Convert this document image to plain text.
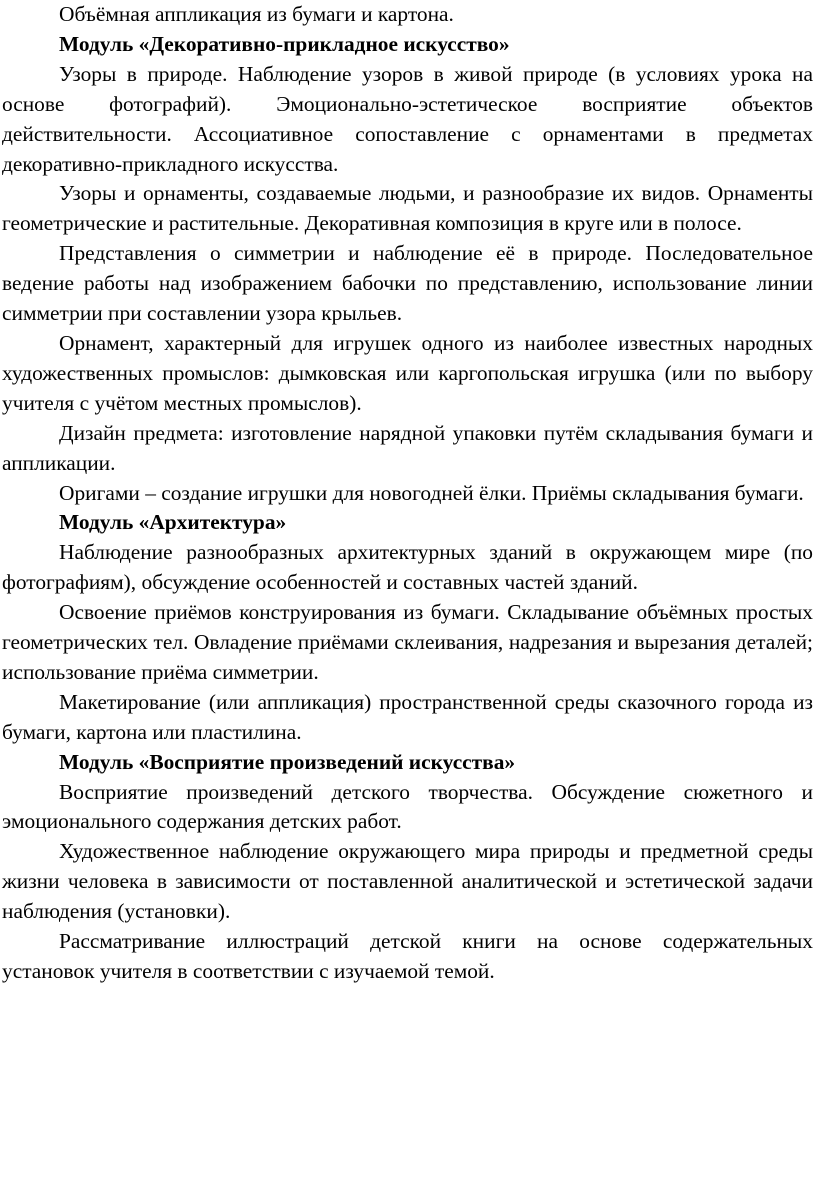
Объёмная аппликация из бумаги и картона.

Модуль «Декоративно-прикладное искусство»

Узоры в природе. Наблюдение узоров в живой природе (в условиях урока на основе фотографий). Эмоционально-эстетическое восприятие объектов действительности. Ассоциативное сопоставление с орнаментами в предметах декоративно-прикладного искусства.

Узоры и орнаменты, создаваемые людьми, и разнообразие их видов. Орнаменты геометрические и растительные. Декоративная композиция в круге или в полосе.

Представления о симметрии и наблюдение её в природе. Последовательное ведение работы над изображением бабочки по представлению, использование линии симметрии при составлении узора крыльев.

Орнамент, характерный для игрушек одного из наиболее известных народных художественных промыслов: дымковская или каргопольская игрушка (или по выбору учителя с учётом местных промыслов).

Дизайн предмета: изготовление нарядной упаковки путём складывания бумаги и аппликации.

Оригами – создание игрушки для новогодней ёлки. Приёмы складывания бумаги.

Модуль «Архитектура»

Наблюдение разнообразных архитектурных зданий в окружающем мире (по фотографиям), обсуждение особенностей и составных частей зданий.

Освоение приёмов конструирования из бумаги. Складывание объёмных простых геометрических тел. Овладение приёмами склеивания, надрезания и вырезания деталей; использование приёма симметрии.

Макетирование (или аппликация) пространственной среды сказочного города из бумаги, картона или пластилина.

Модуль «Восприятие произведений искусства»

Восприятие произведений детского творчества. Обсуждение сюжетного и эмоционального содержания детских работ.

Художественное наблюдение окружающего мира природы и предметной среды жизни человека в зависимости от поставленной аналитической и эстетической задачи наблюдения (установки).

Рассматривание иллюстраций детской книги на основе содержательных установок учителя в соответствии с изучаемой темой.
